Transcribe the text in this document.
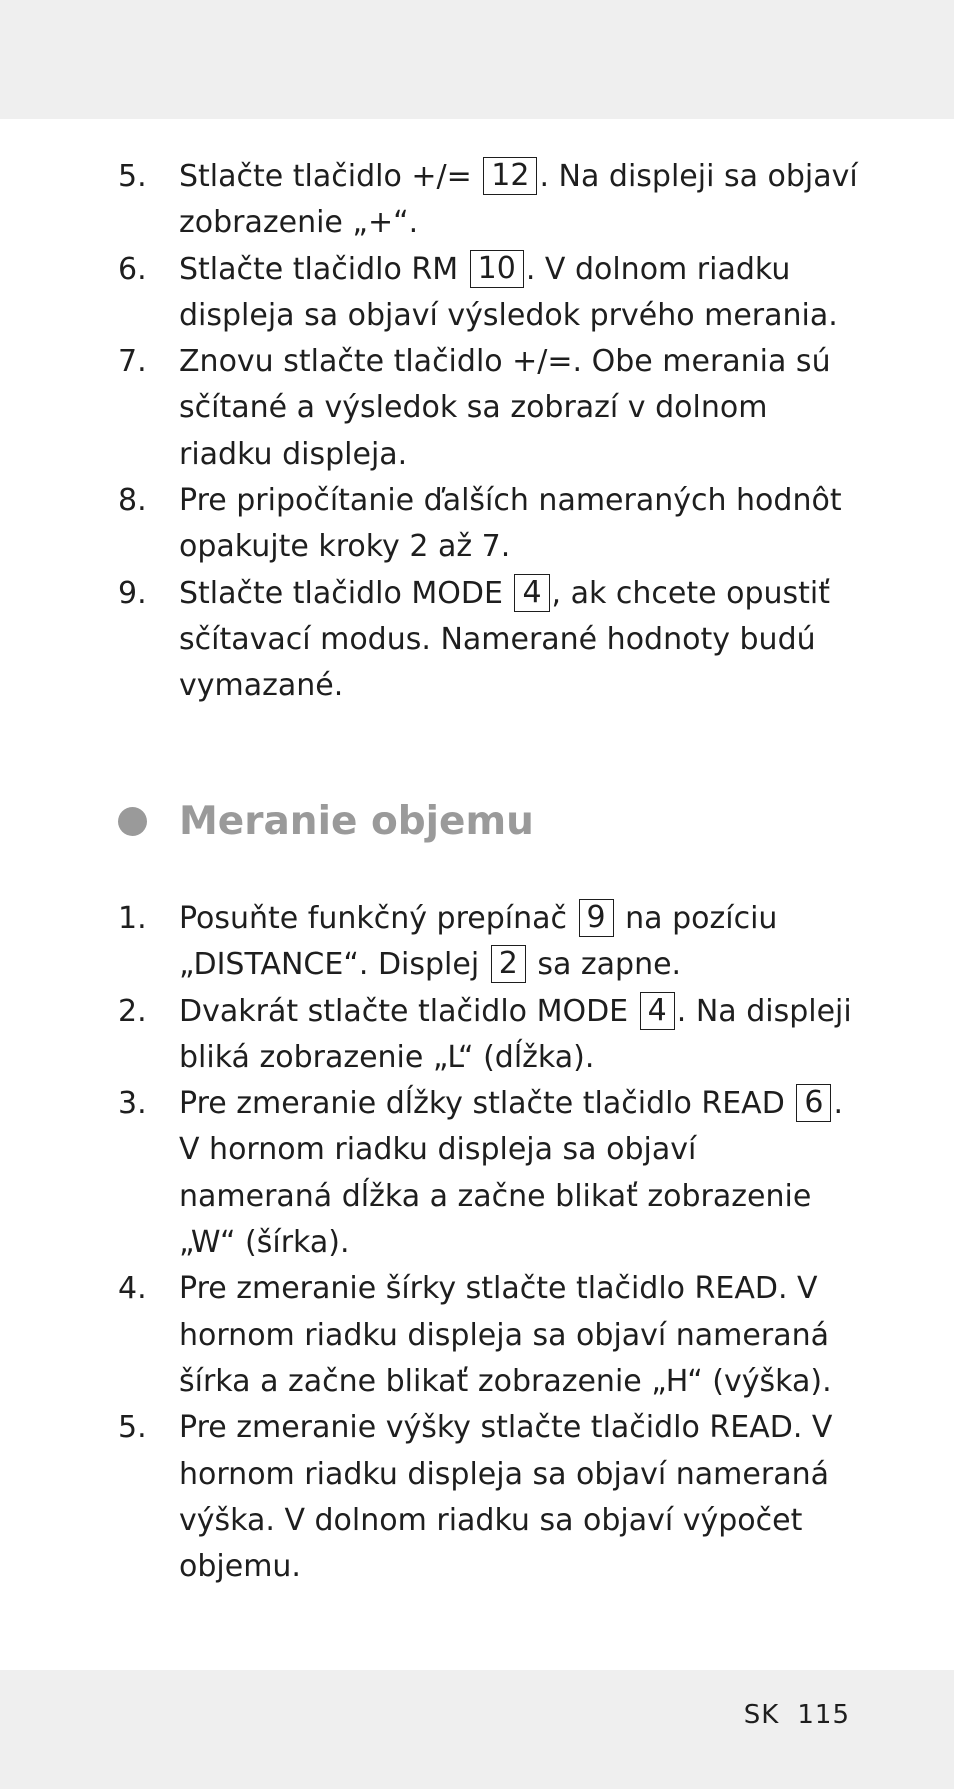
5.	Stlačte tlačidlo +/= 12 . Na displeji sa objaví zobrazenie „+“.
6.	Stlačte tlačidlo RM 10 . V dolnom riadku displeja sa objaví výsledok prvého merania.
7.	Znovu stlačte tlačidlo +/=. Obe merania sú sčítané a výsledok sa zobrazí v dolnom riadku displeja.
8.	Pre pripočítanie ďalších nameraných hodnôt opakujte kroky 2 až 7.
9.	Stlačte tlačidlo MODE 4 , ak chcete opustiť sčítavací modus. Namerané hodnoty budú vymazané.
Meranie objemu
1.	Posuňte funkčný prepínač 9 na pozíciu „DISTANCE“. Displej 2 sa zapne.
2.	Dvakrát stlačte tlačidlo MODE 4 . Na displeji bliká zobrazenie „L“ (dĺžka).
3.	Pre zmeranie dĺžky stlačte tlačidlo READ 6 . V hornom riadku displeja sa objaví nameraná dĺžka a začne blikať zobrazenie „W“ (šírka).
4.	Pre zmeranie šírky stlačte tlačidlo READ. V hornom riadku displeja sa objaví nameraná šírka a začne blikať zobrazenie „H“ (výška).
5.	Pre zmeranie výšky stlačte tlačidlo READ. V hornom riadku displeja sa objaví nameraná výška. V dolnom riadku sa objaví výpočet objemu.
SK 115
